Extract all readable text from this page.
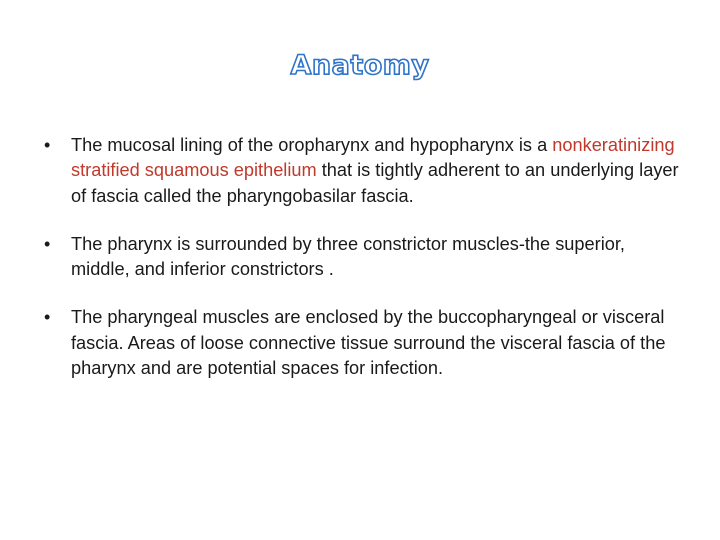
Anatomy
• The mucosal lining of the oropharynx and hypopharynx is a nonkeratinizing stratified squamous epithelium that is tightly adherent to an underlying layer of fascia called the pharyngobasilar fascia.
• The pharynx is surrounded by three constrictor muscles-the superior, middle, and inferior constrictors .
• The pharyngeal muscles are enclosed by the buccopharyngeal or visceral fascia. Areas of loose connective tissue surround the visceral fascia of the pharynx and are potential spaces for infection.
